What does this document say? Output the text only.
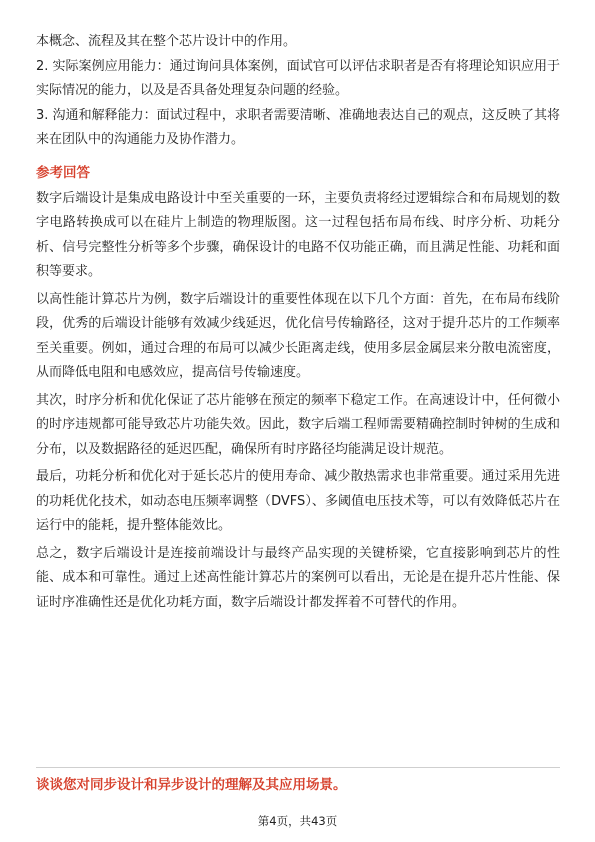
本概念、流程及其在整个芯片设计中的作用。

2. 实际案例应用能力：通过询问具体案例，面试官可以评估求职者是否有将理论知识应用于实际情况的能力，以及是否具备处理复杂问题的经验。

3. 沟通和解释能力：面试过程中，求职者需要清晰、准确地表达自己的观点，这反映了其将来在团队中的沟通能力及协作潜力。

参考回答

数字后端设计是集成电路设计中至关重要的一环，主要负责将经过逻辑综合和布局规划的数字电路转换成可以在硅片上制造的物理版图。这一过程包括布局布线、时序分析、功耗分析、信号完整性分析等多个步骤，确保设计的电路不仅功能正确，而且满足性能、功耗和面积等要求。

以高性能计算芯片为例，数字后端设计的重要性体现在以下几个方面：首先，在布局布线阶段，优秀的后端设计能够有效减少线延迟，优化信号传输路径，这对于提升芯片的工作频率至关重要。例如，通过合理的布局可以减少长距离走线，使用多层金属层来分散电流密度，从而降低电阻和电感效应，提高信号传输速度。

其次，时序分析和优化保证了芯片能够在预定的频率下稳定工作。在高速设计中，任何微小的时序违规都可能导致芯片功能失效。因此，数字后端工程师需要精确控制时钟树的生成和分布，以及数据路径的延迟匹配，确保所有时序路径均能满足设计规范。

最后，功耗分析和优化对于延长芯片的使用寿命、减少散热需求也非常重要。通过采用先进的功耗优化技术，如动态电压频率调整（DVFS）、多阈值电压技术等，可以有效降低芯片在运行中的能耗，提升整体能效比。

总之，数字后端设计是连接前端设计与最终产品实现的关键桥梁，它直接影响到芯片的性能、成本和可靠性。通过上述高性能计算芯片的案例可以看出，无论是在提升芯片性能、保证时序准确性还是优化功耗方面，数字后端设计都发挥着不可替代的作用。

谈谈您对同步设计和异步设计的理解及其应用场景。
第4页，共43页
